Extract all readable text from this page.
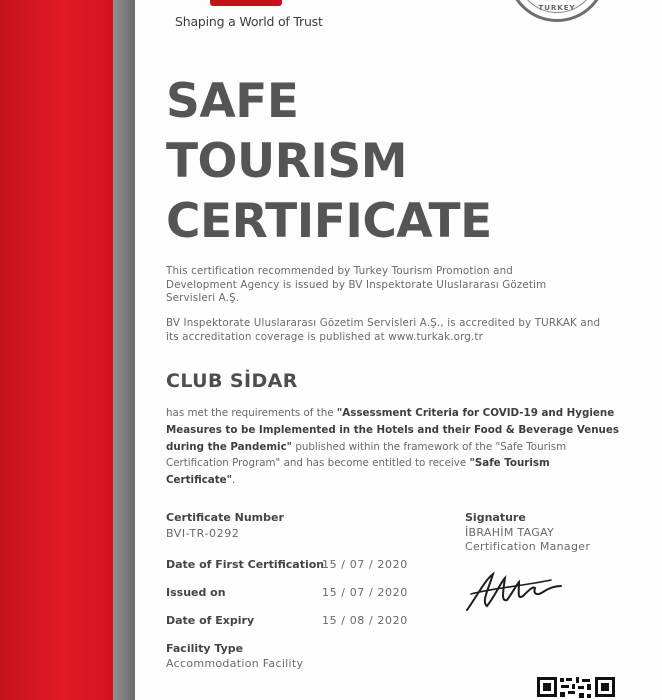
Shaping a World of Trust
TURKEY
SAFE
TOURISM
CERTIFICATE
This certification recommended by Turkey Tourism Promotion and Development Agency is issued by BV Inspektorate Uluslararası Gözetim Servisleri A.Ş.
BV Inspektorate Uluslararası Gözetim Servisleri A.Ş., is accredited by TURKAK and its accreditation coverage is published at www.turkak.org.tr
CLUB SİDAR
has met the requirements of the "Assessment Criteria for COVID-19 and Hygiene Measures to be Implemented in the Hotels and their Food & Beverage Venues during the Pandemic" published within the framework of the "Safe Tourism Certification Program" and has become entitled to receive "Safe Tourism Certificate".
Certificate Number
BVI-TR-0292
Date of First Certification
15 / 07 / 2020
Issued on	15 / 07 / 2020
Date of Expiry	15 / 08 / 2020
Facility Type
Accommodation Facility
Signature
İBRAHİM TAGAY
Certification Manager
